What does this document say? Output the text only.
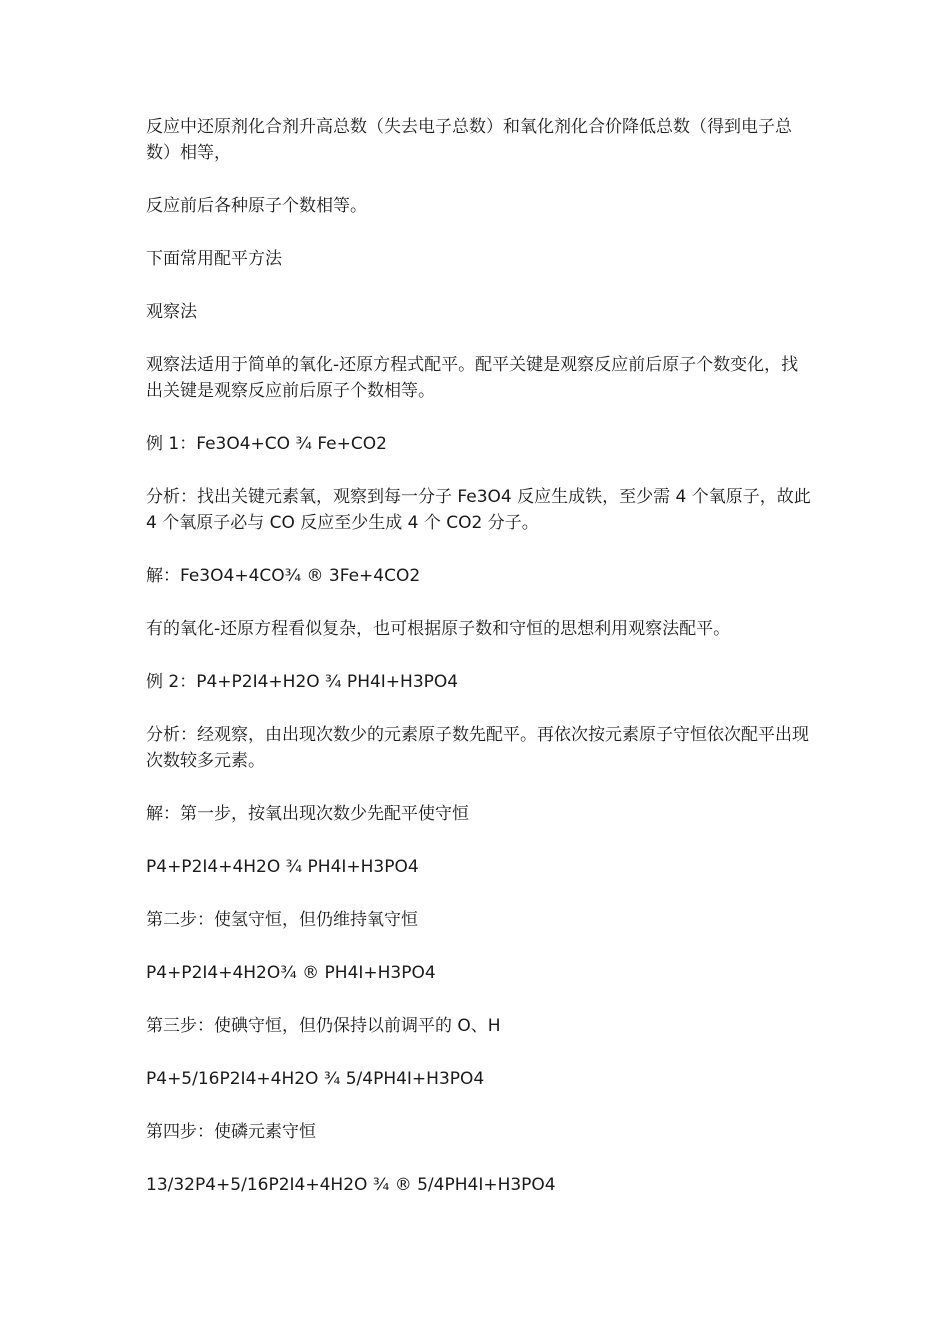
反应中还原剂化合剂升高总数（失去电子总数）和氧化剂化合价降低总数（得到电子总数）相等，

反应前后各种原子个数相等。

下面常用配平方法

观察法

观察法适用于简单的氧化-还原方程式配平。配平关键是观察反应前后原子个数变化，找出关键是观察反应前后原子个数相等。

例 1：Fe3O4+CO ¾ Fe+CO2

分析：找出关键元素氧，观察到每一分子 Fe3O4 反应生成铁，至少需 4 个氧原子，故此 4 个氧原子必与 CO 反应至少生成 4 个 CO2 分子。

解：Fe3O4+4CO¾ ® 3Fe+4CO2

有的氧化-还原方程看似复杂，也可根据原子数和守恒的思想利用观察法配平。

例 2：P4+P2I4+H2O ¾ PH4I+H3PO4

分析：经观察，由出现次数少的元素原子数先配平。再依次按元素原子守恒依次配平出现次数较多元素。

解：第一步，按氧出现次数少先配平使守恒

P4+P2I4+4H2O ¾ PH4I+H3PO4

第二步：使氢守恒，但仍维持氧守恒

P4+P2I4+4H2O¾ ® PH4I+H3PO4

第三步：使碘守恒，但仍保持以前调平的 O、H

P4+5/16P2I4+4H2O ¾ 5/4PH4I+H3PO4

第四步：使磷元素守恒

13/32P4+5/16P2I4+4H2O ¾ ® 5/4PH4I+H3PO4
